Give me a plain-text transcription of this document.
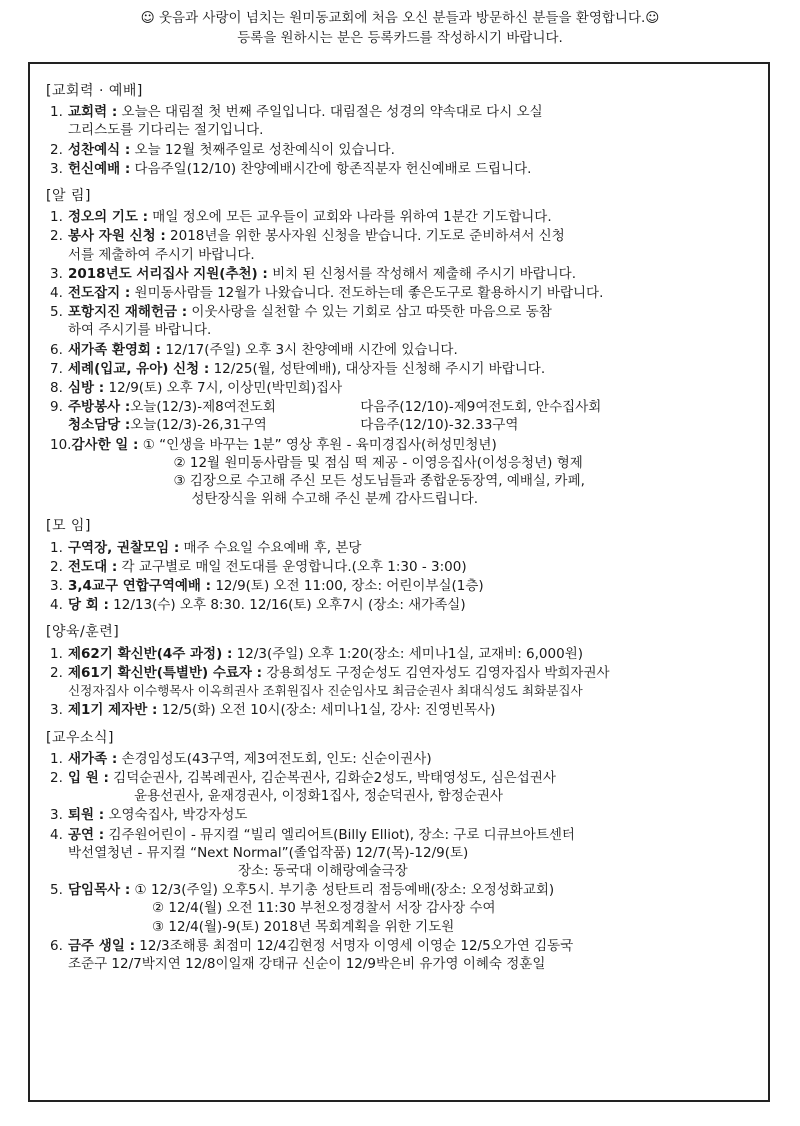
☺ 웃음과 사랑이 넘치는 원미동교회에 처음 오신 분들과 방문하신 분들을 환영합니다.☺
등록을 원하시는 분은 등록카드를 작성하시기 바랍니다.
[교회력 · 예배]
1. 교회력 : 오늘은 대림절 첫 번째 주일입니다. 대림절은 성경의 약속대로 다시 오실
그리스도를 기다리는 절기입니다.
2. 성찬예식 : 오늘 12월 첫째주일로 성찬예식이 있습니다.
3. 헌신예배 : 다음주일(12/10) 찬양예배시간에 항존직분자 헌신예배로 드립니다.
[알 림]
1. 정오의 기도 : 매일 정오에 모든 교우들이 교회와 나라를 위하여 1분간 기도합니다.
2. 봉사 자원 신청 : 2018년을 위한 봉사자원 신청을 받습니다. 기도로 준비하셔서 신청
서를 제출하여 주시기 바랍니다.
3. 2018년도 서리집사 지원(추천) : 비치 된 신청서를 작성해서 제출해 주시기 바랍니다.
4. 전도잡지 : 원미동사람들 12월가 나왔습니다. 전도하는데 좋은도구로 활용하시기 바랍니다.
5. 포항지진 재해헌금 : 이웃사랑을 실천할 수 있는 기회로 삼고 따뜻한 마음으로 동참
하여 주시기를 바랍니다.
6. 새가족 환영회 : 12/17(주일) 오후 3시 찬양예배 시간에 있습니다.
7. 세례(입교, 유아) 신청 : 12/25(월, 성탄예배), 대상자들 신청해 주시기 바랍니다.
8. 심방 : 12/9(토) 오후 7시, 이상민(박민희)집사
9. 주방봉사 :오늘(12/3)-제8여전도회	다음주(12/10)-제9여전도회, 안수집사회
청소담당 :오늘(12/3)-26,31구역	다음주(12/10)-32.33구역
10. 감사한 일 : ① “인생을 바꾸는 1분” 영상 후원 - 육미경집사(허성민청년)
② 12월 원미동사람들 및 점심 떡 제공 - 이영응집사(이성응청년) 형제
③ 김장으로 수고해 주신 모든 성도님들과 종합운동장역, 예배실, 카페,
성탄장식을 위해 수고해 주신 분께 감사드립니다.
[모 임]
1. 구역장, 권찰모임 : 매주 수요일 수요예배 후, 본당
2. 전도대 : 각 교구별로 매일 전도대를 운영합니다.(오후 1:30 - 3:00)
3. 3,4교구 연합구역예배 : 12/9(토) 오전 11:00, 장소: 어린이부실(1층)
4. 당 회 : 12/13(수) 오후 8:30. 12/16(토) 오후7시 (장소: 새가족실)
[양육/훈련]
1. 제62기 확신반(4주 과정) : 12/3(주일) 오후 1:20(장소: 세미나1실, 교재비: 6,000원)
2. 제61기 확신반(특별반) 수료자 : 강용희성도 구정순성도 김연자성도 김영자집사 박희자권사
신정자집사 이수행목사 이옥희권사 조휘원집사 진순임사모 최금순권사 최대식성도 최화분집사
3. 제1기 제자반 : 12/5(화) 오전 10시(장소: 세미나1실, 강사: 진영빈목사)
[교우소식]
1. 새가족 : 손경임성도(43구역, 제3여전도회, 인도: 신순이권사)
2. 입 원 : 김덕순권사, 김복례권사, 김순복권사, 김화순2성도, 박태영성도, 심은섭권사
윤용선권사, 윤재경권사, 이정화1집사, 정순덕권사, 함정순권사
3. 퇴원 : 오영숙집사, 박강자성도
4. 공연 : 김주원어린이 - 뮤지컬 “빌리 엘리어트(Billy Elliot), 장소: 구로 디큐브아트센터
박선열청년 - 뮤지컬 “Next Normal”(졸업작품) 12/7(목)-12/9(토)
장소: 동국대 이해랑예술극장
5. 담임목사 : ① 12/3(주일) 오후5시. 부기총 성탄트리 점등예배(장소: 오정성화교회)
② 12/4(월) 오전 11:30 부천오정경찰서 서장 감사장 수여
③ 12/4(월)-9(토) 2018년 목회계획을 위한 기도원
6. 금주 생일 : 12/3조해룡 최점미 12/4김현정 서명자 이영세 이영순 12/5오가연 김동국
조준구 12/7박지연 12/8이일재 강태규 신순이 12/9박은비 유가영 이혜숙 정훈일
